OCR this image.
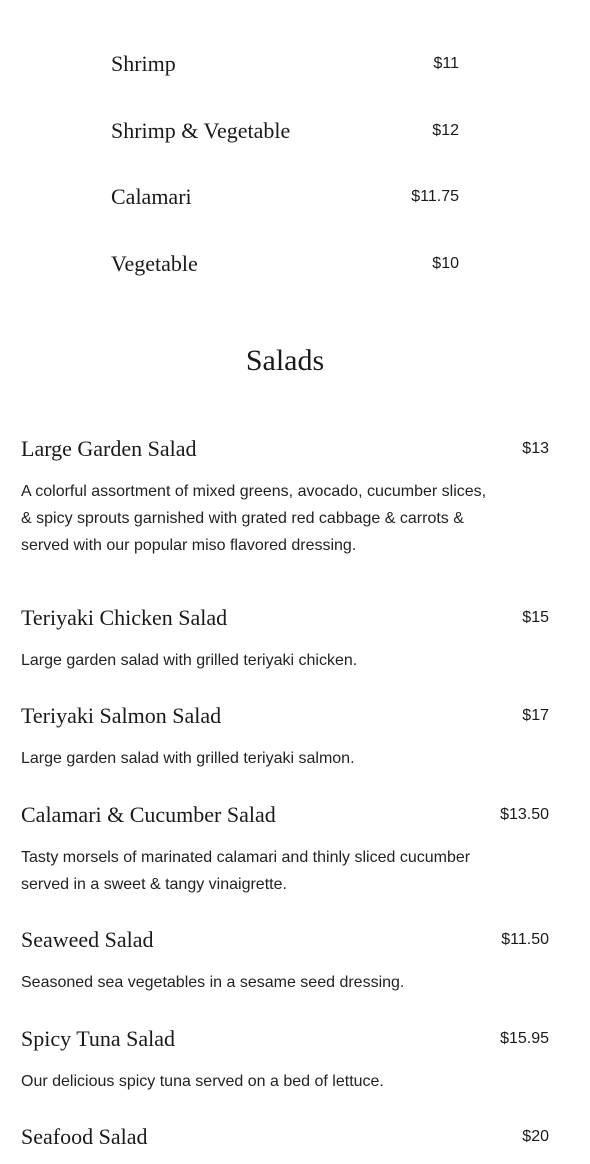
Shrimp	$11
Shrimp & Vegetable	$12
Calamari	$11.75
Vegetable	$10
Salads
Large Garden Salad	$13

A colorful assortment of mixed greens, avocado, cucumber slices, & spicy sprouts garnished with grated red cabbage & carrots & served with our popular miso flavored dressing.

Teriyaki Chicken Salad	$15

Large garden salad with grilled teriyaki chicken.

Teriyaki Salmon Salad	$17

Large garden salad with grilled teriyaki salmon.

Calamari & Cucumber Salad	$13.50

Tasty morsels of marinated calamari and thinly sliced cucumber served in a sweet & tangy vinaigrette.

Seaweed Salad	$11.50

Seasoned sea vegetables in a sesame seed dressing.

Spicy Tuna Salad	$15.95

Our delicious spicy tuna served on a bed of lettuce.

Seafood Salad	$20
